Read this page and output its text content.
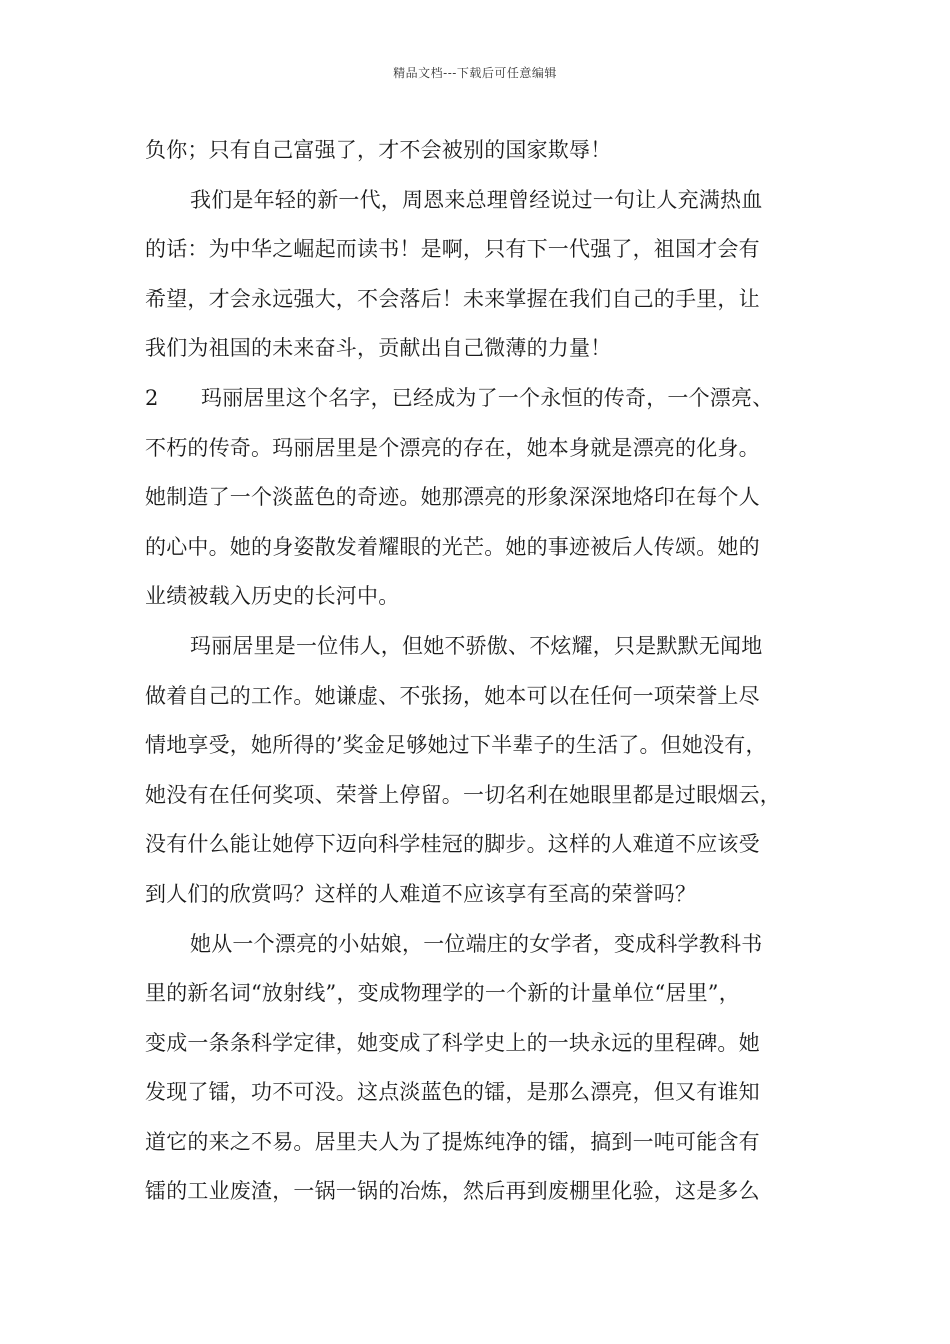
精品文档---下载后可任意编辑
负你；只有自己富强了，才不会被别的国家欺辱！
我们是年轻的新一代，周恩来总理曾经说过一句让人充满热血
的话：为中华之崛起而读书！是啊，只有下一代强了，祖国才会有
希望，才会永远强大，不会落后！未来掌握在我们自己的手里，让
我们为祖国的未来奋斗，贡献出自己微薄的力量！
2 玛丽居里这个名字，已经成为了一个永恒的传奇，一个漂亮、
不朽的传奇。玛丽居里是个漂亮的存在，她本身就是漂亮的化身。
她制造了一个淡蓝色的奇迹。她那漂亮的形象深深地烙印在每个人
的心中。她的身姿散发着耀眼的光芒。她的事迹被后人传颂。她的
业绩被载入历史的长河中。
玛丽居里是一位伟人，但她不骄傲、不炫耀，只是默默无闻地
做着自己的工作。她谦虚、不张扬，她本可以在任何一项荣誉上尽
情地享受，她所得的’奖金足够她过下半辈子的生活了。但她没有，
她没有在任何奖项、荣誉上停留。一切名利在她眼里都是过眼烟云，
没有什么能让她停下迈向科学桂冠的脚步。这样的人难道不应该受
到人们的欣赏吗？这样的人难道不应该享有至高的荣誉吗？
她从一个漂亮的小姑娘，一位端庄的女学者，变成科学教科书
里的新名词“放射线”，变成物理学的一个新的计量单位“居里”，
变成一条条科学定律，她变成了科学史上的一块永远的里程碑。她
发现了镭，功不可没。这点淡蓝色的镭，是那么漂亮，但又有谁知
道它的来之不易。居里夫人为了提炼纯净的镭，搞到一吨可能含有
镭的工业废渣，一锅一锅的冶炼，然后再到废棚里化验，这是多么
